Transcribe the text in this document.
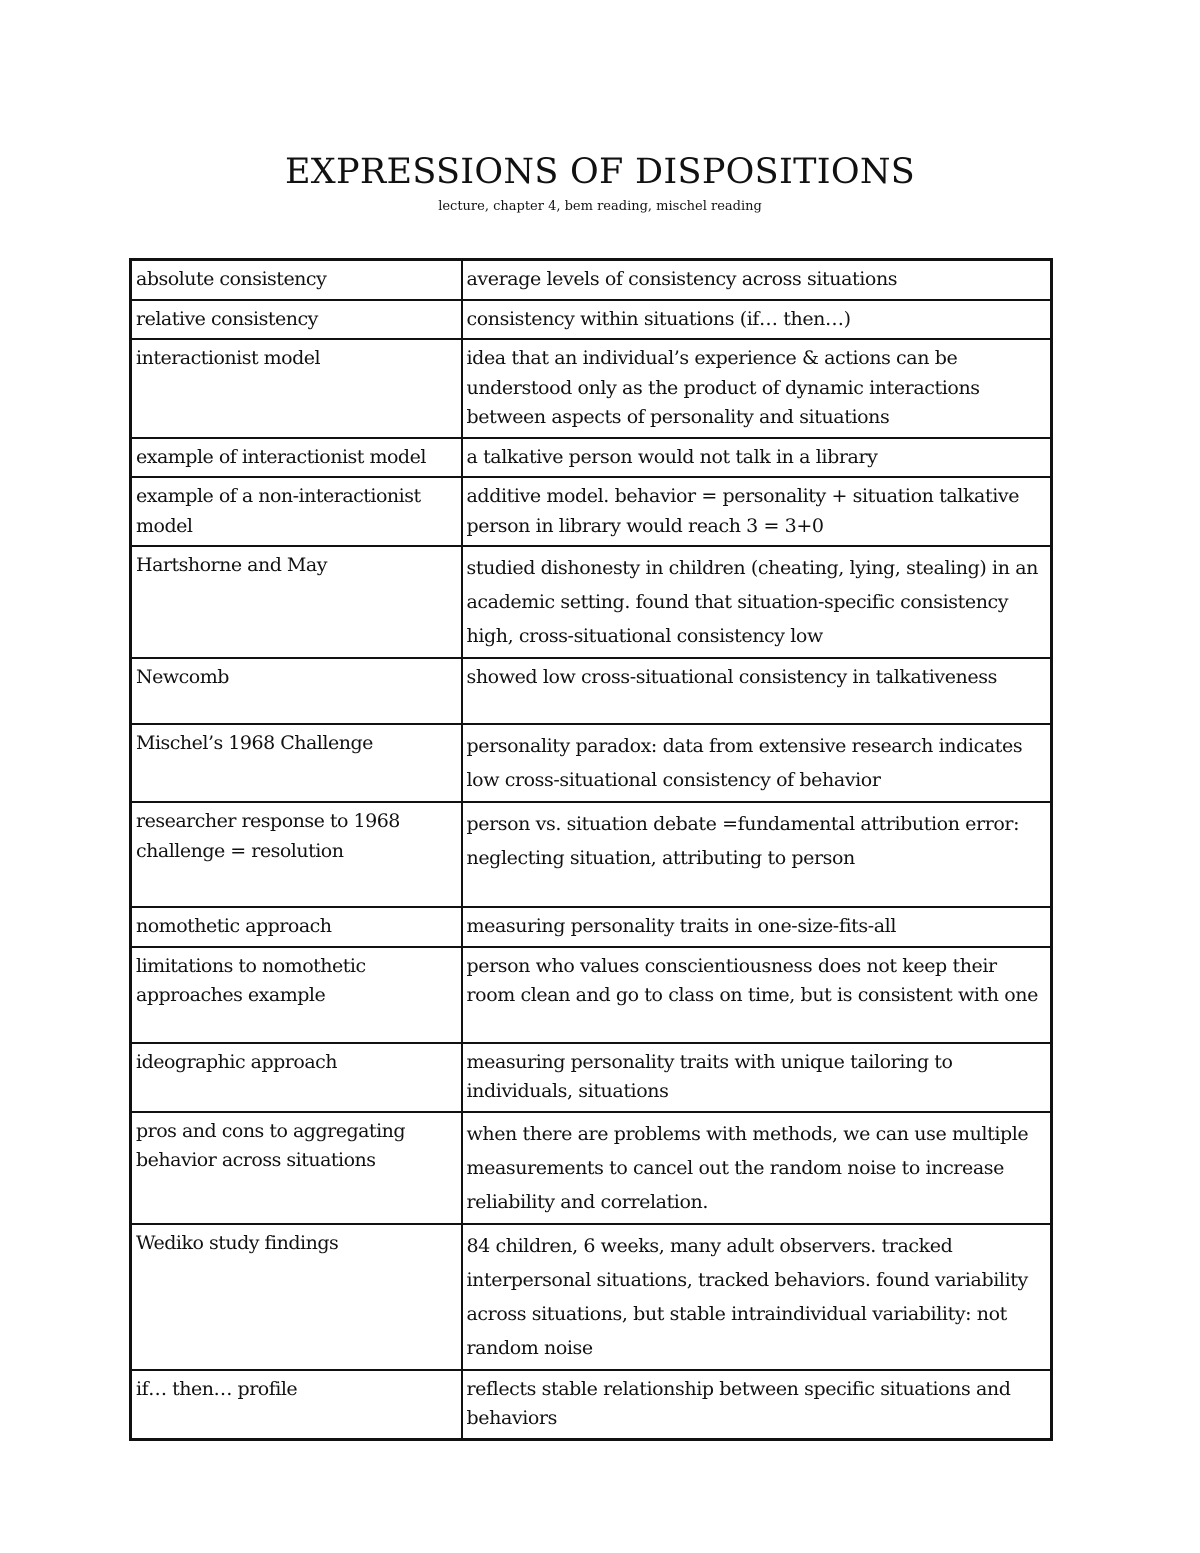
EXPRESSIONS OF DISPOSITIONS
lecture, chapter 4, bem reading, mischel reading
absolute consistency	average levels of consistency across situations
relative consistency	consistency within situations (if… then…)
interactionist model	idea that an individual’s experience & actions can be understood only as the product of dynamic interactions between aspects of personality and situations
example of interactionist model	a talkative person would not talk in a library
example of a non-interactionist model	additive model. behavior = personality + situation talkative person in library would reach 3 = 3+0
Hartshorne and May	studied dishonesty in children (cheating, lying, stealing) in an academic setting. found that situation-specific consistency high, cross-situational consistency low
Newcomb	showed low cross-situational consistency in talkativeness
Mischel’s 1968 Challenge	personality paradox: data from extensive research indicates low cross-situational consistency of behavior
researcher response to 1968 challenge = resolution	person vs. situation debate =fundamental attribution error: neglecting situation, attributing to person
nomothetic approach	measuring personality traits in one-size-fits-all
limitations to nomothetic approaches example	person who values conscientiousness does not keep their room clean and go to class on time, but is consistent with one
ideographic approach	measuring personality traits with unique tailoring to individuals, situations
pros and cons to aggregating behavior across situations	when there are problems with methods, we can use multiple measurements to cancel out the random noise to increase reliability and correlation.
Wediko study findings	84 children, 6 weeks, many adult observers. tracked interpersonal situations, tracked behaviors. found variability across situations, but stable intraindividual variability: not random noise
if… then… profile	reflects stable relationship between specific situations and behaviors
